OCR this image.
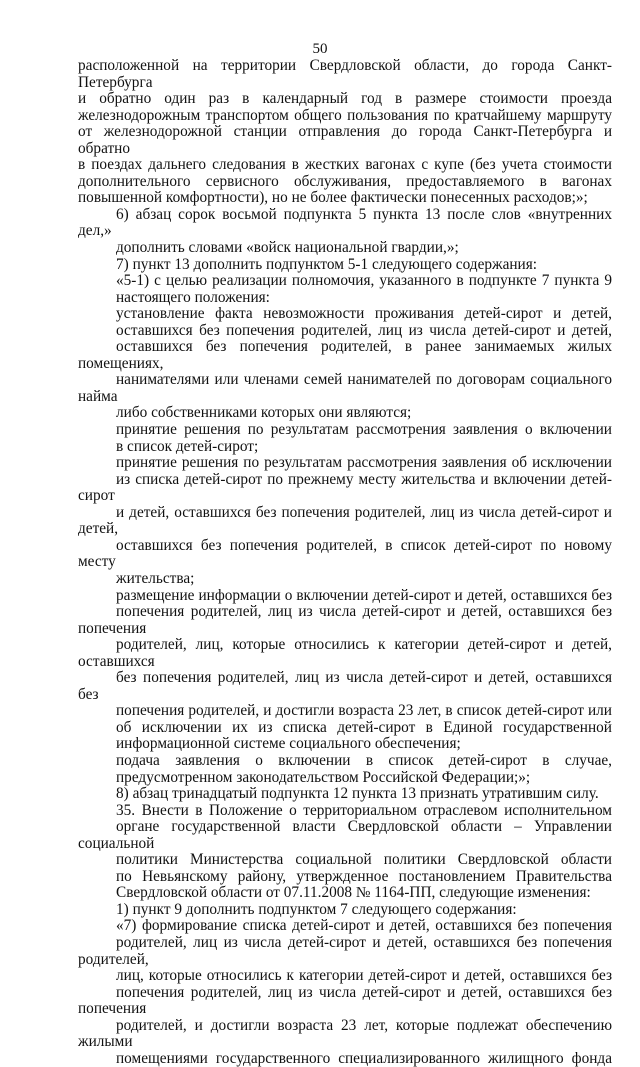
50
расположенной на территории Свердловской области, до города Санкт-Петербурга
и обратно один раз в календарный год в размере стоимости проезда
железнодорожным транспортом общего пользования по кратчайшему маршруту
от железнодорожной станции отправления до города Санкт-Петербурга и обратно
в поездах дальнего следования в жестких вагонах с купе (без учета стоимости
дополнительного сервисного обслуживания, предоставляемого в вагонах
повышенной комфортности), но не более фактически понесенных расходов;»;
6) абзац сорок восьмой подпункта 5 пункта 13 после слов «внутренних дел,»
дополнить словами «войск национальной гвардии,»;
7) пункт 13 дополнить подпунктом 5-1 следующего содержания:
«5-1) с целью реализации полномочия, указанного в подпункте 7 пункта 9
настоящего положения:
установление факта невозможности проживания детей-сирот и детей,
оставшихся без попечения родителей, лиц из числа детей-сирот и детей,
оставшихся без попечения родителей, в ранее занимаемых жилых помещениях,
нанимателями или членами семей нанимателей по договорам социального найма
либо собственниками которых они являются;
принятие решения по результатам рассмотрения заявления о включении
в список детей-сирот;
принятие решения по результатам рассмотрения заявления об исключении
из списка детей-сирот по прежнему месту жительства и включении детей-сирот
и детей, оставшихся без попечения родителей, лиц из числа детей-сирот и детей,
оставшихся без попечения родителей, в список детей-сирот по новому месту
жительства;
размещение информации о включении детей-сирот и детей, оставшихся без
попечения родителей, лиц из числа детей-сирот и детей, оставшихся без попечения
родителей, лиц, которые относились к категории детей-сирот и детей, оставшихся
без попечения родителей, лиц из числа детей-сирот и детей, оставшихся без
попечения родителей, и достигли возраста 23 лет, в список детей-сирот или
об исключении их из списка детей-сирот в Единой государственной
информационной системе социального обеспечения;
подача заявления о включении в список детей-сирот в случае,
предусмотренном законодательством Российской Федерации;»;
8) абзац тринадцатый подпункта 12 пункта 13 признать утратившим силу.
35. Внести в Положение о территориальном отраслевом исполнительном
органе государственной власти Свердловской области – Управлении социальной
политики Министерства социальной политики Свердловской области
по Невьянскому району, утвержденное постановлением Правительства
Свердловской области от 07.11.2008 № 1164-ПП, следующие изменения:
1) пункт 9 дополнить подпунктом 7 следующего содержания:
«7) формирование списка детей-сирот и детей, оставшихся без попечения
родителей, лиц из числа детей-сирот и детей, оставшихся без попечения родителей,
лиц, которые относились к категории детей-сирот и детей, оставшихся без
попечения родителей, лиц из числа детей-сирот и детей, оставшихся без попечения
родителей, и достигли возраста 23 лет, которые подлежат обеспечению жилыми
помещениями государственного специализированного жилищного фонда
